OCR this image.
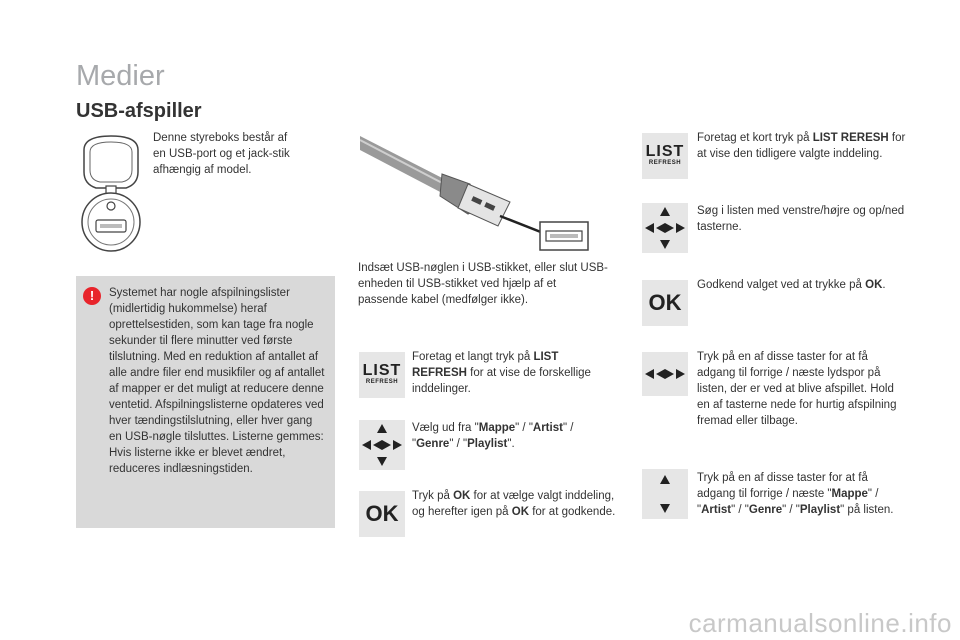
Medier
USB-afspiller
Denne styreboks består af en USB-port og et jack-stik afhængig af model.
!	Systemet har nogle afspilningslister (midlertidig hukommelse) heraf oprettelsestiden, som kan tage fra nogle sekunder til flere minutter ved første tilslutning. Med en reduktion af antallet af alle andre filer end musikfiler og af antallet af mapper er det muligt at reducere denne ventetid. Afspilningslisterne opdateres ved hver tændingstilslutning, eller hver gang en USB-nøgle tilsluttes. Listerne gemmes: Hvis listerne ikke er blevet ændret, reduceres indlæsningstiden.
Indsæt USB-nøglen i USB-stikket, eller slut USB-enheden til USB-stikket ved hjælp af et passende kabel (medfølger ikke).
LIST
REFRESH
Foretag et langt tryk på LIST REFRESH for at vise de forskellige inddelinger.
Vælg ud fra "Mappe" / "Artist" / "Genre" / "Playlist".
OK
Tryk på OK for at vælge valgt inddeling, og herefter igen på OK for at godkende.
LIST
REFRESH
Foretag et kort tryk på LIST RERESH for at vise den tidligere valgte inddeling.
Søg i listen med venstre/højre og op/ned tasterne.
OK
Godkend valget ved at trykke på OK.
Tryk på en af disse taster for at få adgang til forrige / næste lydspor på listen, der er ved at blive afspillet. Hold en af tasterne nede for hurtig afspilning fremad eller tilbage.
Tryk på en af disse taster for at få adgang til forrige / næste "Mappe" / "Artist" / "Genre" / "Playlist" på listen.
carmanualsonline.info
